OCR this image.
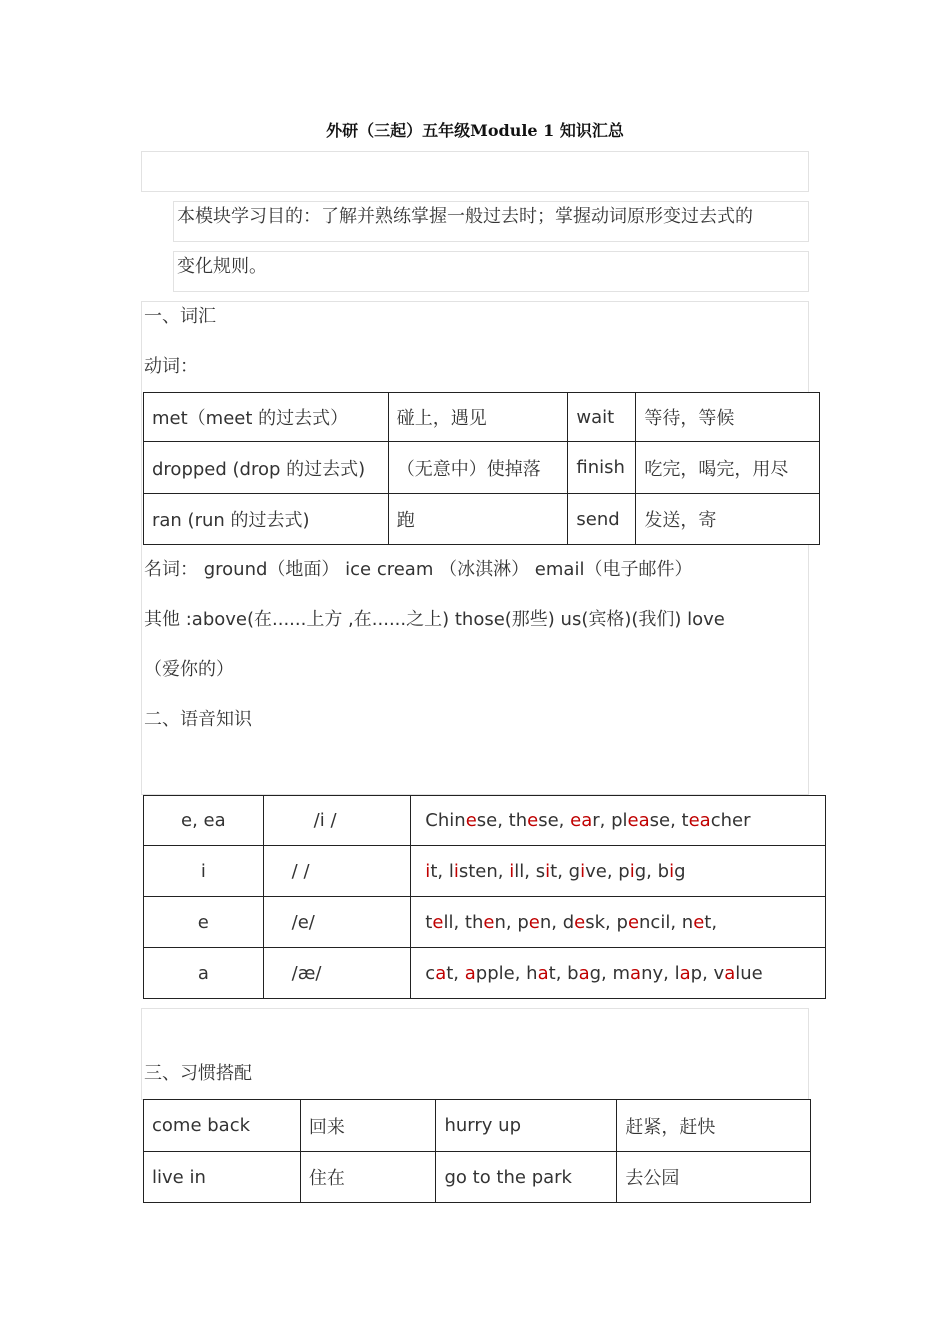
外研（三起）五年级Module 1 知识汇总
本模块学习目的：了解并熟练掌握一般过去时；掌握动词原形变过去式的
变化规则。
一、词汇
动词：
met（meet 的过去式）	碰上，遇见	wait	等待，等候
dropped (drop 的过去式)	（无意中）使掉落	finish	吃完，喝完，用尽
ran (run 的过去式)	跑	send	发送，寄
名词： ground（地面） ice cream （冰淇淋） email（电子邮件）
其他 :above(在......上方 ,在......之上) those(那些) us(宾格)(我们) love
（爱你的）
二、语音知识
e, ea	/i /	Chinese, these, ear, please, teacher
i	/ /	it, listen, ill, sit, give, pig, big
e	/e/	tell, then, pen, desk, pencil, net,
a	/æ/	cat, apple, hat, bag, many, lap, value
三、习惯搭配
come back	回来	hurry up	赶紧，赶快
live in	住在	go to the park	去公园
